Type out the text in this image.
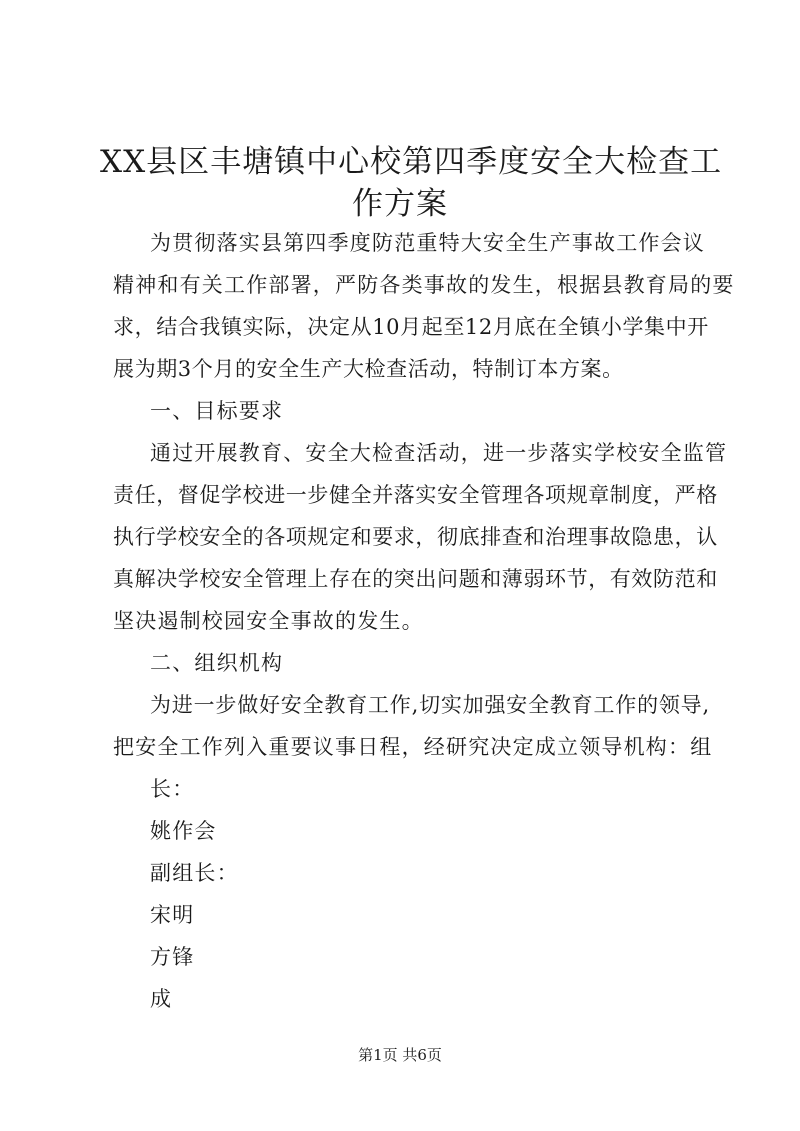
XX县区丰塘镇中心校第四季度安全大检查工
作方案
为贯彻落实县第四季度防范重特大安全生产事故工作会议
精神和有关工作部署，严防各类事故的发生，根据县教育局的要
求，结合我镇实际，决定从10月起至12月底在全镇小学集中开
展为期3个月的安全生产大检查活动，特制订本方案。
一、目标要求
通过开展教育、安全大检查活动，进一步落实学校安全监管
责任，督促学校进一步健全并落实安全管理各项规章制度，严格
执行学校安全的各项规定和要求，彻底排查和治理事故隐患，认
真解决学校安全管理上存在的突出问题和薄弱环节，有效防范和
坚决遏制校园安全事故的发生。
二、组织机构
为进一步做好安全教育工作,切实加强安全教育工作的领导,
把安全工作列入重要议事日程，经研究决定成立领导机构：组
长：
姚作会
副组长：
宋明
方锋
成
第1页 共6页
